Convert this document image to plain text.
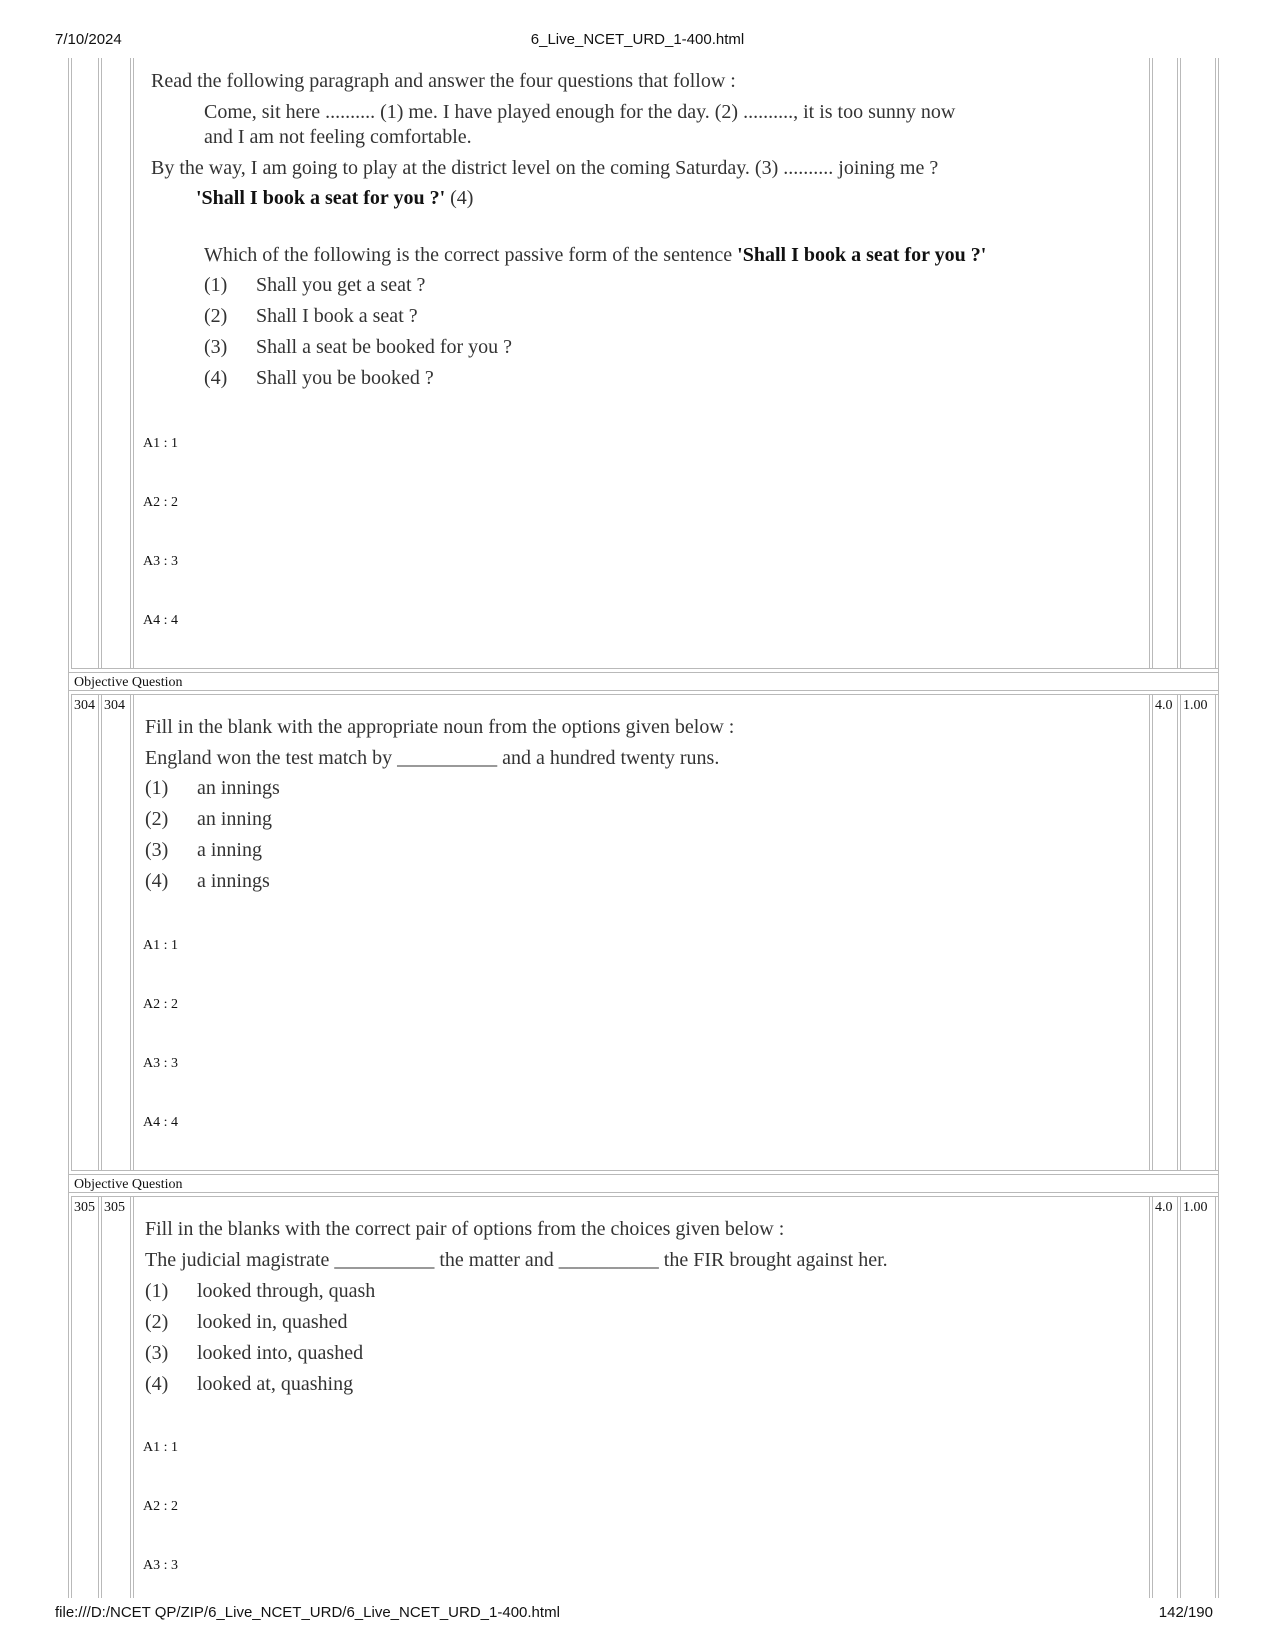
7/10/2024	6_Live_NCET_URD_1-400.html
file:///D:/NCET QP/ZIP/6_Live_NCET_URD/6_Live_NCET_URD_1-400.html	142/190
Read the following paragraph and answer the four questions that follow :
Come, sit here .......... (1) me. I have played enough for the day. (2) .........., it is too sunny now
and I am not feeling comfortable.
By the way, I am going to play at the district level on the coming Saturday. (3) .......... joining me ?
'Shall I book a seat for you ?' (4)
Which of the following is the correct passive form of the sentence 'Shall I book a seat for you ?'
(1) Shall you get a seat ?
(2) Shall I book a seat ?
(3) Shall a seat be booked for you ?
(4) Shall you be booked ?
A1 : 1
A2 : 2
A3 : 3
A4 : 4
Objective Question
304 304	4.0 1.00
Fill in the blank with the appropriate noun from the options given below :
England won the test match by __________ and a hundred twenty runs.
(1) an innings
(2) an inning
(3) a inning
(4) a innings
A1 : 1
A2 : 2
A3 : 3
A4 : 4
Objective Question
305 305	4.0 1.00
Fill in the blanks with the correct pair of options from the choices given below :
The judicial magistrate __________ the matter and __________ the FIR brought against her.
(1) looked through, quash
(2) looked in, quashed
(3) looked into, quashed
(4) looked at, quashing
A1 : 1
A2 : 2
A3 : 3
